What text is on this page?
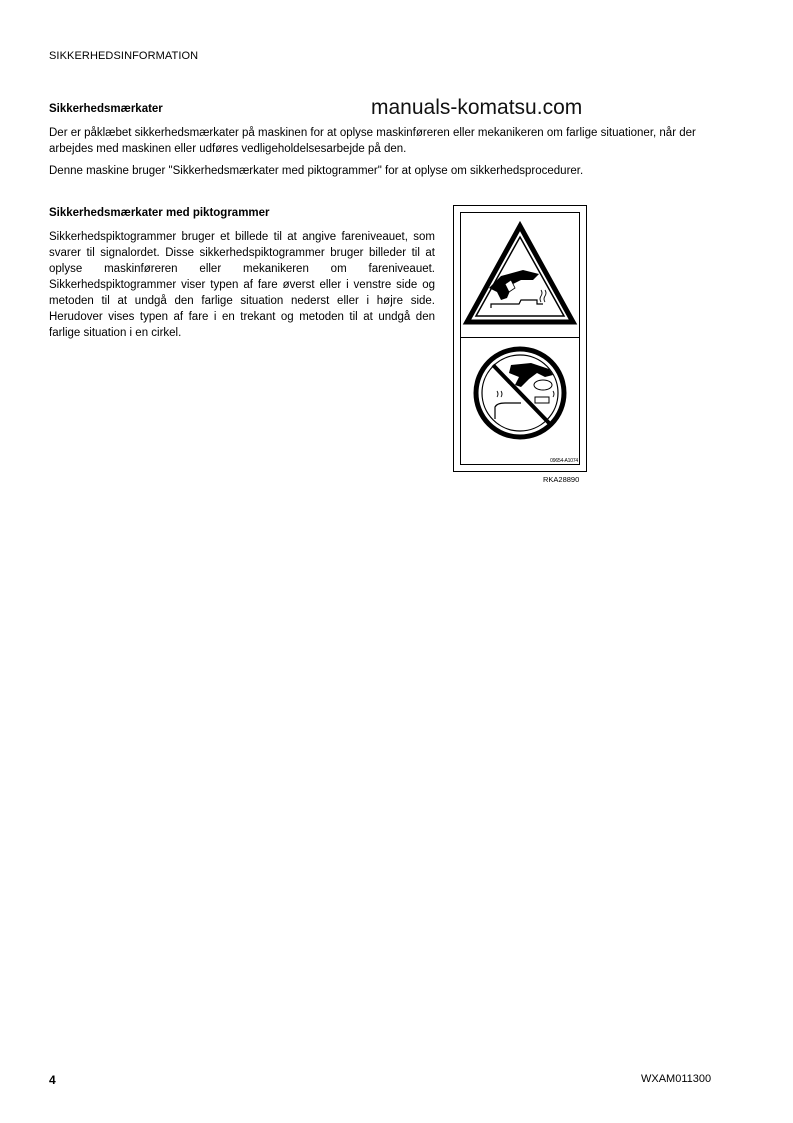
SIKKERHEDSINFORMATION
manuals-komatsu.com
Sikkerhedsmærkater
Der er påklæbet sikkerhedsmærkater på maskinen for at oplyse maskinføreren eller mekanikeren om farlige situationer, når der arbejdes med maskinen eller udføres vedligeholdelsesarbejde på den.
Denne maskine bruger "Sikkerhedsmærkater med piktogrammer" for at oplyse om sikkerhedsprocedurer.
Sikkerhedsmærkater med piktogrammer
Sikkerhedspiktogrammer bruger et billede til at angive fareniveauet, som svarer til signalordet. Disse sikkerhedspiktogrammer bruger billeder til at oplyse maskinføreren eller mekanikeren om fareniveauet. Sikkerhedspiktogrammer viser typen af fare øverst eller i venstre side og metoden til at undgå den farlige situation nederst eller i højre side. Herudover vises typen af fare i en trekant og metoden til at undgå den farlige situation i en cirkel.
09654-A1074
RKA28890
4	WXAM011300
